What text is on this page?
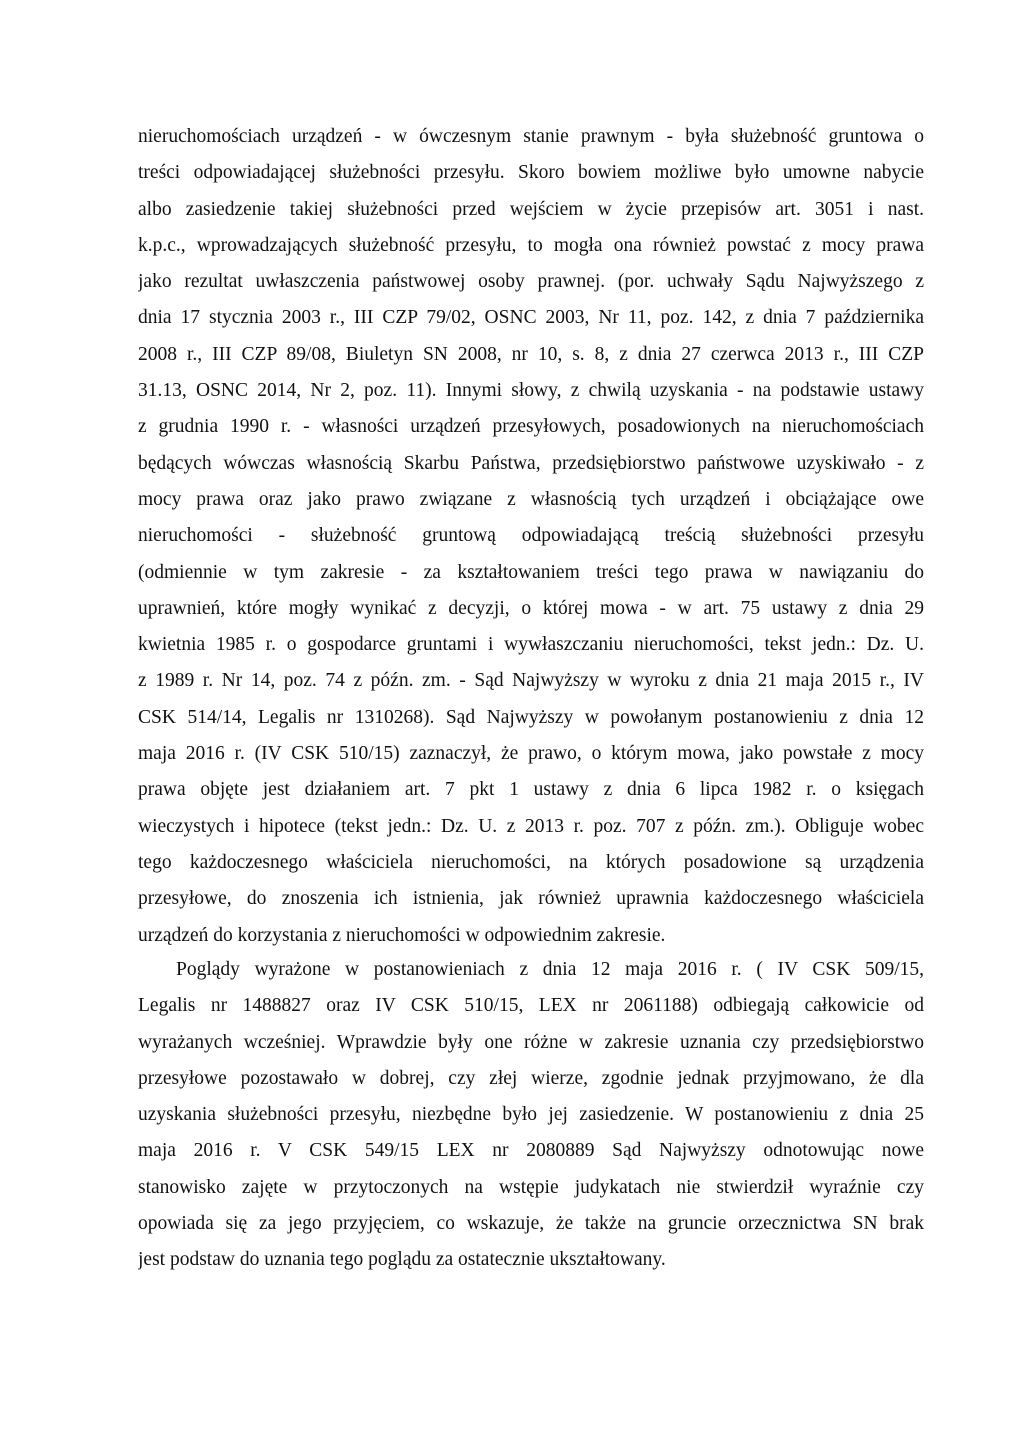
nieruchomościach urządzeń - w ówczesnym stanie prawnym - była służebność gruntowa o
treści odpowiadającej służebności przesyłu. Skoro bowiem możliwe było umowne nabycie
albo zasiedzenie takiej służebności przed wejściem w życie przepisów art. 3051 i nast.
k.p.c., wprowadzających służebność przesyłu, to mogła ona również powstać z mocy prawa
jako rezultat uwłaszczenia państwowej osoby prawnej. (por. uchwały Sądu Najwyższego z
dnia 17 stycznia 2003 r., III CZP 79/02, OSNC 2003, Nr 11, poz. 142, z dnia 7 października
2008 r., III CZP 89/08, Biuletyn SN 2008, nr 10, s. 8, z dnia 27 czerwca 2013 r., III CZP
31.13, OSNC 2014, Nr 2, poz. 11). Innymi słowy, z chwilą uzyskania - na podstawie ustawy
z grudnia 1990 r. - własności urządzeń przesyłowych, posadowionych na nieruchomościach
będących wówczas własnością Skarbu Państwa, przedsiębiorstwo państwowe uzyskiwało - z
mocy prawa oraz jako prawo związane z własnością tych urządzeń i obciążające owe
nieruchomości - służebność gruntową odpowiadającą treścią służebności przesyłu
(odmiennie w tym zakresie - za kształtowaniem treści tego prawa w nawiązaniu do
uprawnień, które mogły wynikać z decyzji, o której mowa - w art. 75 ustawy z dnia 29
kwietnia 1985 r. o gospodarce gruntami i wywłaszczaniu nieruchomości, tekst jedn.: Dz. U.
z 1989 r. Nr 14, poz. 74 z późn. zm. - Sąd Najwyższy w wyroku z dnia 21 maja 2015 r., IV
CSK 514/14, Legalis nr 1310268). Sąd Najwyższy w powołanym postanowieniu z dnia 12
maja 2016 r. (IV CSK 510/15) zaznaczył, że prawo, o którym mowa, jako powstałe z mocy
prawa objęte jest działaniem art. 7 pkt 1 ustawy z dnia 6 lipca 1982 r. o księgach
wieczystych i hipotece (tekst jedn.: Dz. U. z 2013 r. poz. 707 z późn. zm.). Obliguje wobec
tego każdoczesnego właściciela nieruchomości, na których posadowione są urządzenia
przesyłowe, do znoszenia ich istnienia, jak również uprawnia każdoczesnego właściciela
urządzeń do korzystania z nieruchomości w odpowiednim zakresie.
Poglądy wyrażone w postanowieniach z dnia 12 maja 2016 r. ( IV CSK 509/15,
Legalis nr 1488827 oraz IV CSK 510/15, LEX nr 2061188) odbiegają całkowicie od
wyrażanych wcześniej. Wprawdzie były one różne w zakresie uznania czy przedsiębiorstwo
przesyłowe pozostawało w dobrej, czy złej wierze, zgodnie jednak przyjmowano, że dla
uzyskania służebności przesyłu, niezbędne było jej zasiedzenie. W postanowieniu z dnia 25
maja 2016 r. V CSK 549/15 LEX nr 2080889 Sąd Najwyższy odnotowując nowe
stanowisko zajęte w przytoczonych na wstępie judykatach nie stwierdził wyraźnie czy
opowiada się za jego przyjęciem, co wskazuje, że także na gruncie orzecznictwa SN brak
jest podstaw do uznania tego poglądu za ostatecznie ukształtowany.
